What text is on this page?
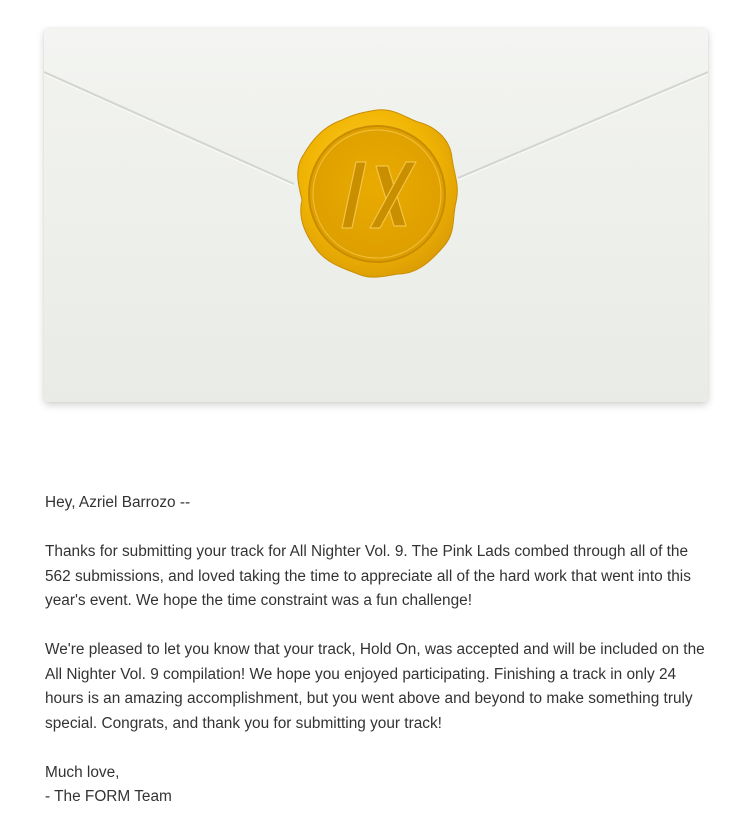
Hey, Azriel Barrozo --

Thanks for submitting your track for All Nighter Vol. 9. The Pink Lads combed through all of the 562 submissions, and loved taking the time to appreciate all of the hard work that went into this year's event. We hope the time constraint was a fun challenge!

We're pleased to let you know that your track, Hold On, was accepted and will be included on the All Nighter Vol. 9 compilation! We hope you enjoyed participating. Finishing a track in only 24 hours is an amazing accomplishment, but you went above and beyond to make something truly special. Congrats, and thank you for submitting your track!

Much love,

- The FORM Team
